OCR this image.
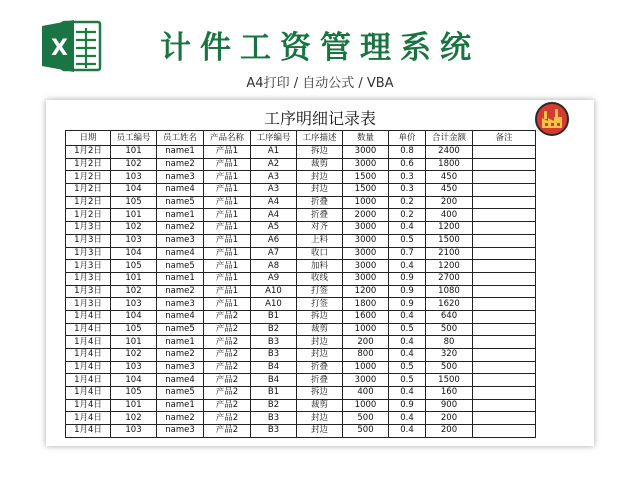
X	计件工资管理系统
A4打印 / 自动公式 / VBA
工序明细记录表
日期	员工编号	员工姓名	产品名称	工序编号	工序描述	数量	单价	合计金额	备注
1月2日	101	name1	产品1	A1	拆边	3000	0.8	2400	
1月2日	102	name2	产品1	A2	裁剪	3000	0.6	1800	
1月2日	103	name3	产品1	A3	封边	1500	0.3	450	
1月2日	104	name4	产品1	A3	封边	1500	0.3	450	
1月2日	105	name5	产品1	A4	折叠	1000	0.2	200	
1月2日	101	name1	产品1	A4	折叠	2000	0.2	400	
1月3日	102	name2	产品1	A5	对齐	3000	0.4	1200	
1月3日	103	name3	产品1	A6	上料	3000	0.5	1500	
1月3日	104	name4	产品1	A7	收口	3000	0.7	2100	
1月3日	105	name5	产品1	A8	加料	3000	0.4	1200	
1月3日	101	name1	产品1	A9	收线	3000	0.9	2700	
1月3日	102	name2	产品1	A10	打签	1200	0.9	1080	
1月3日	103	name3	产品1	A10	打签	1800	0.9	1620	
1月4日	104	name4	产品2	B1	拆边	1600	0.4	640	
1月4日	105	name5	产品2	B2	裁剪	1000	0.5	500	
1月4日	101	name1	产品2	B3	封边	200	0.4	80	
1月4日	102	name2	产品2	B3	封边	800	0.4	320	
1月4日	103	name3	产品2	B4	折叠	1000	0.5	500	
1月4日	104	name4	产品2	B4	折叠	3000	0.5	1500	
1月4日	105	name5	产品2	B1	拆边	400	0.4	160	
1月4日	101	name1	产品2	B2	裁剪	1000	0.9	900	
1月4日	102	name2	产品2	B3	封边	500	0.4	200	
1月4日	103	name3	产品2	B3	封边	500	0.4	200	
